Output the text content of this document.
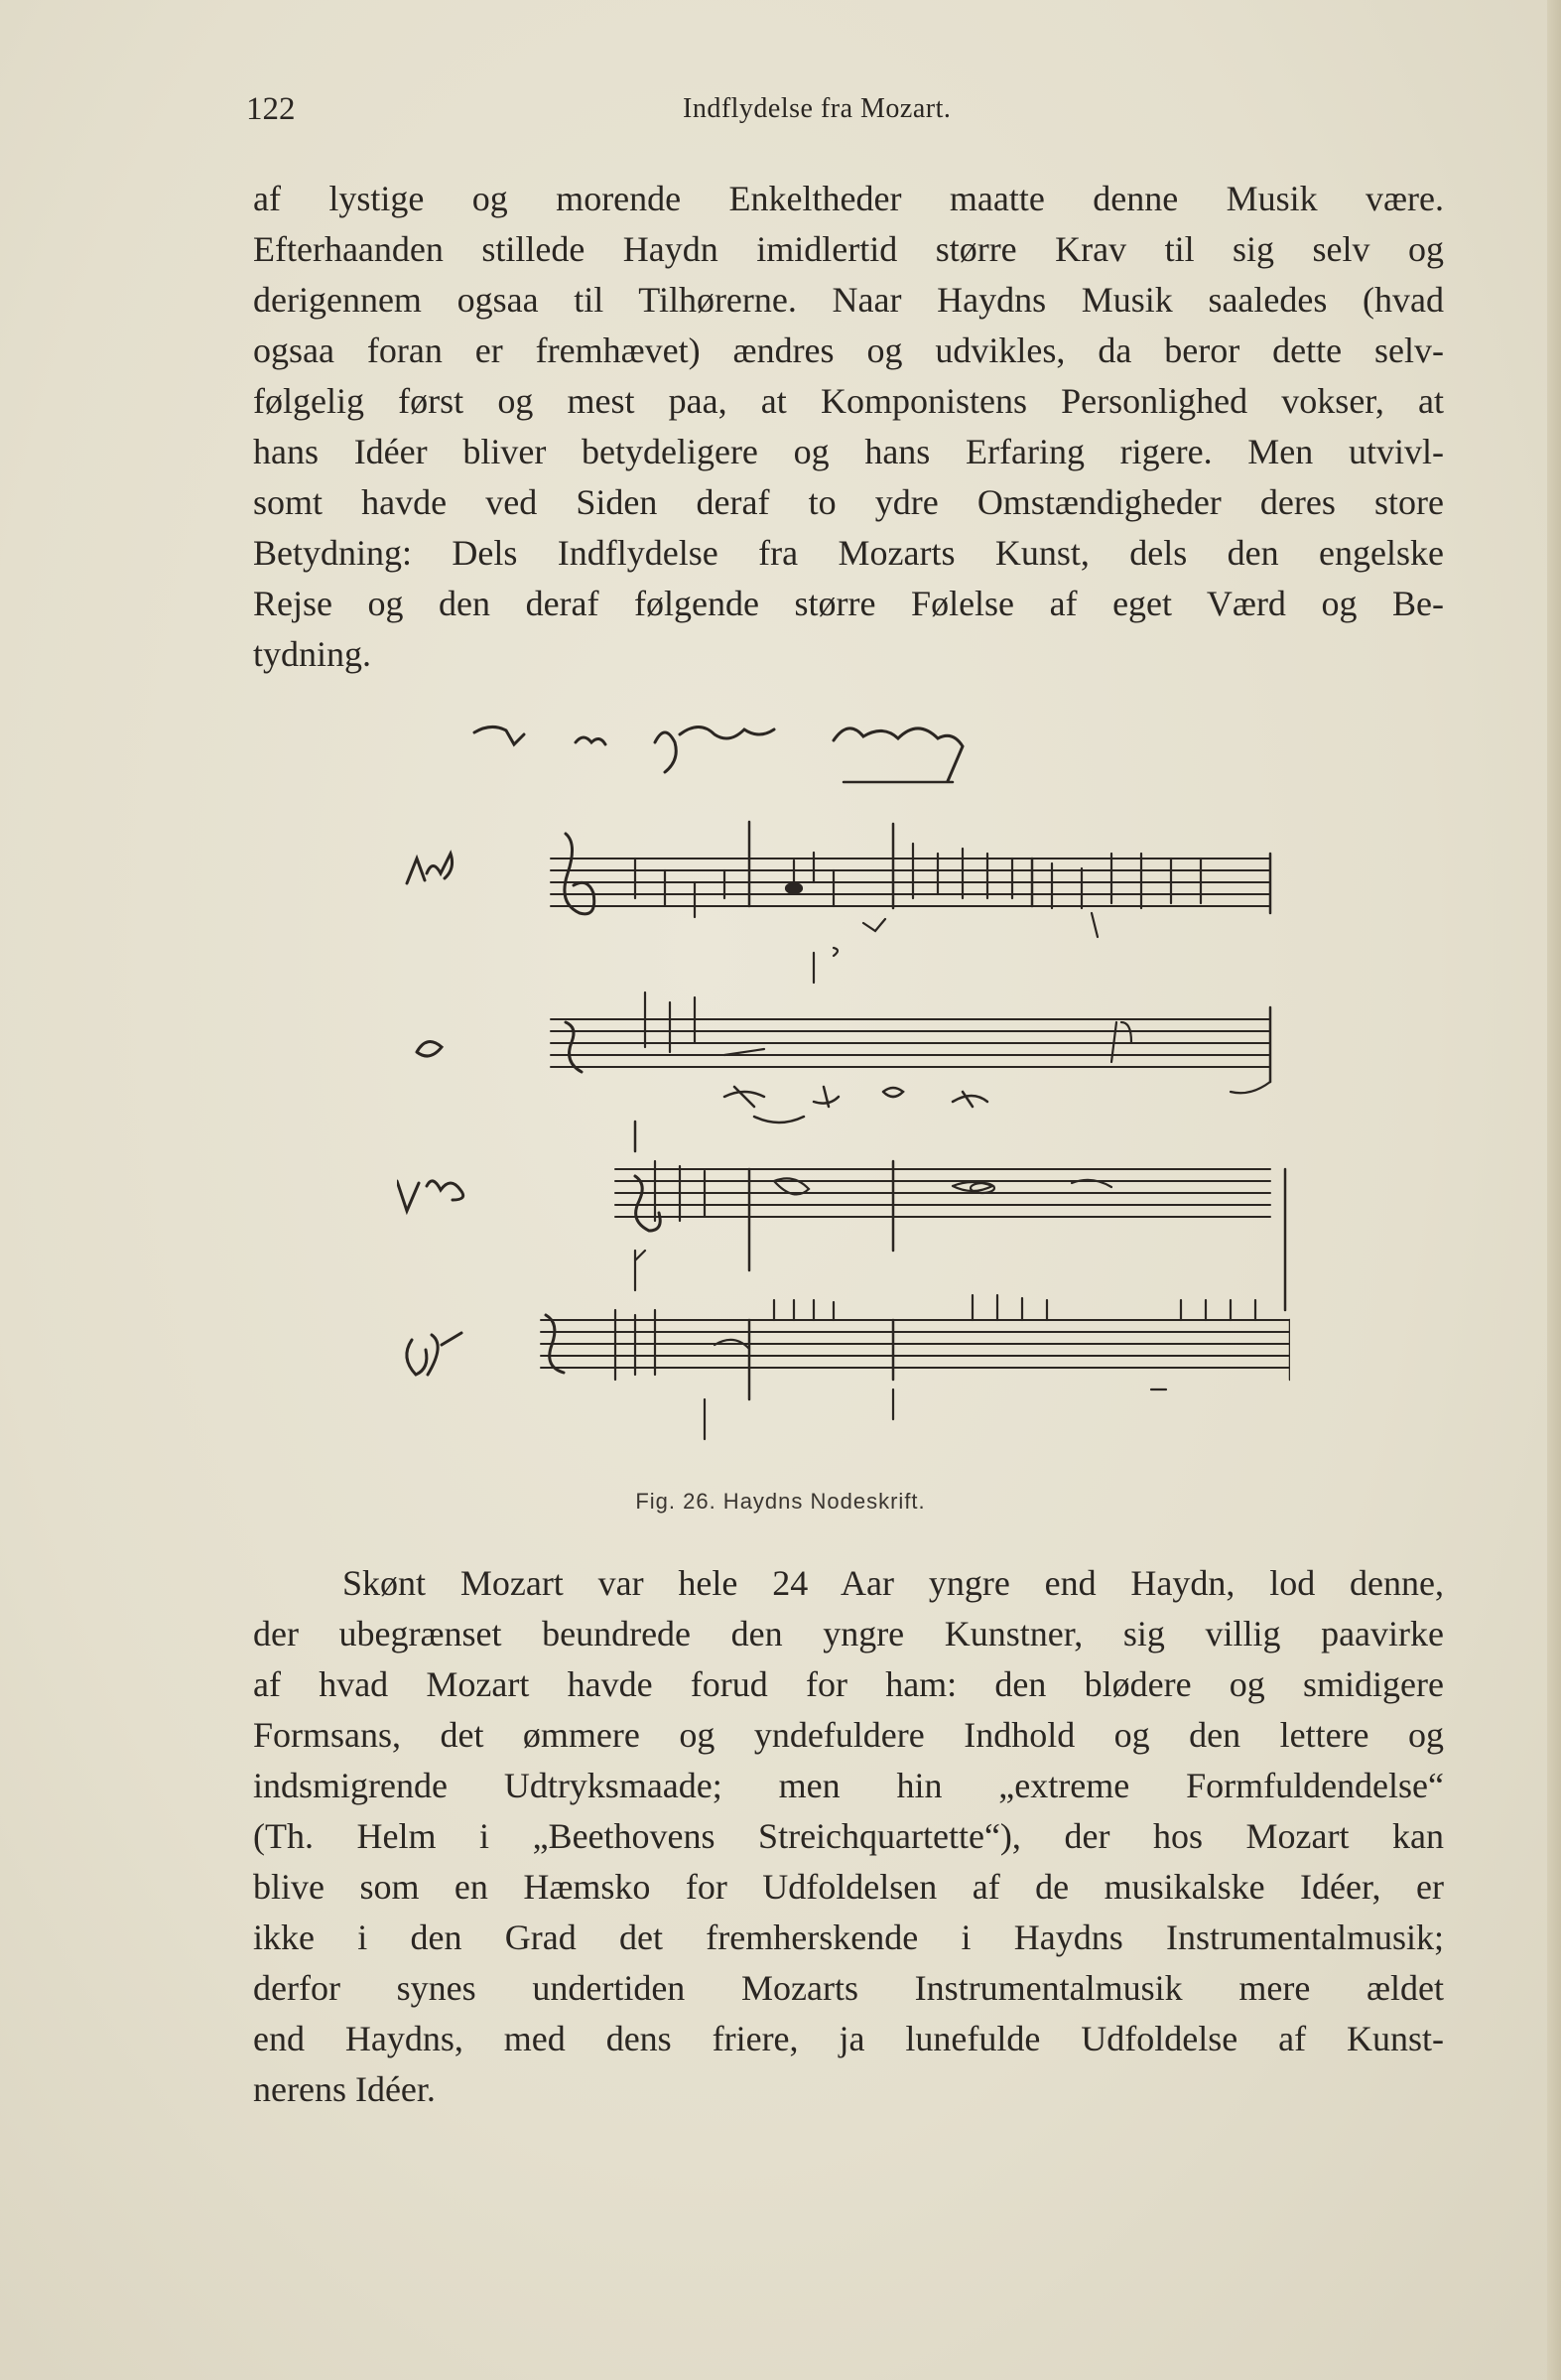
122	Indflydelse fra Mozart.
af lystige og morende Enkeltheder maatte denne Musik være.
Efterhaanden stillede Haydn imidlertid større Krav til sig selv og
derigennem ogsaa til Tilhørerne. Naar Haydns Musik saaledes (hvad
ogsaa foran er fremhævet) ændres og udvikles, da beror dette selv-
følgelig først og mest paa, at Komponistens Personlighed vokser, at
hans Idéer bliver betydeligere og hans Erfaring rigere. Men utvivl-
somt havde ved Siden deraf to ydre Omstændigheder deres store
Betydning: Dels Indflydelse fra Mozarts Kunst, dels den engelske
Rejse og den deraf følgende større Følelse af eget Værd og Be-
tydning.
Fig. 26. Haydns Nodeskrift.
Skønt Mozart var hele 24 Aar yngre end Haydn, lod denne,
der ubegrænset beundrede den yngre Kunstner, sig villig paavirke
af hvad Mozart havde forud for ham: den blødere og smidigere
Formsans, det ømmere og yndefuldere Indhold og den lettere og
indsmigrende Udtryksmaade; men hin „extreme Formfuldendelse“
(Th. Helm i „Beethovens Streichquartette“), der hos Mozart kan
blive som en Hæmsko for Udfoldelsen af de musikalske Idéer, er
ikke i den Grad det fremherskende i Haydns Instrumentalmusik;
derfor synes undertiden Mozarts Instrumentalmusik mere ældet
end Haydns, med dens friere, ja lunefulde Udfoldelse af Kunst-
nerens Idéer.
